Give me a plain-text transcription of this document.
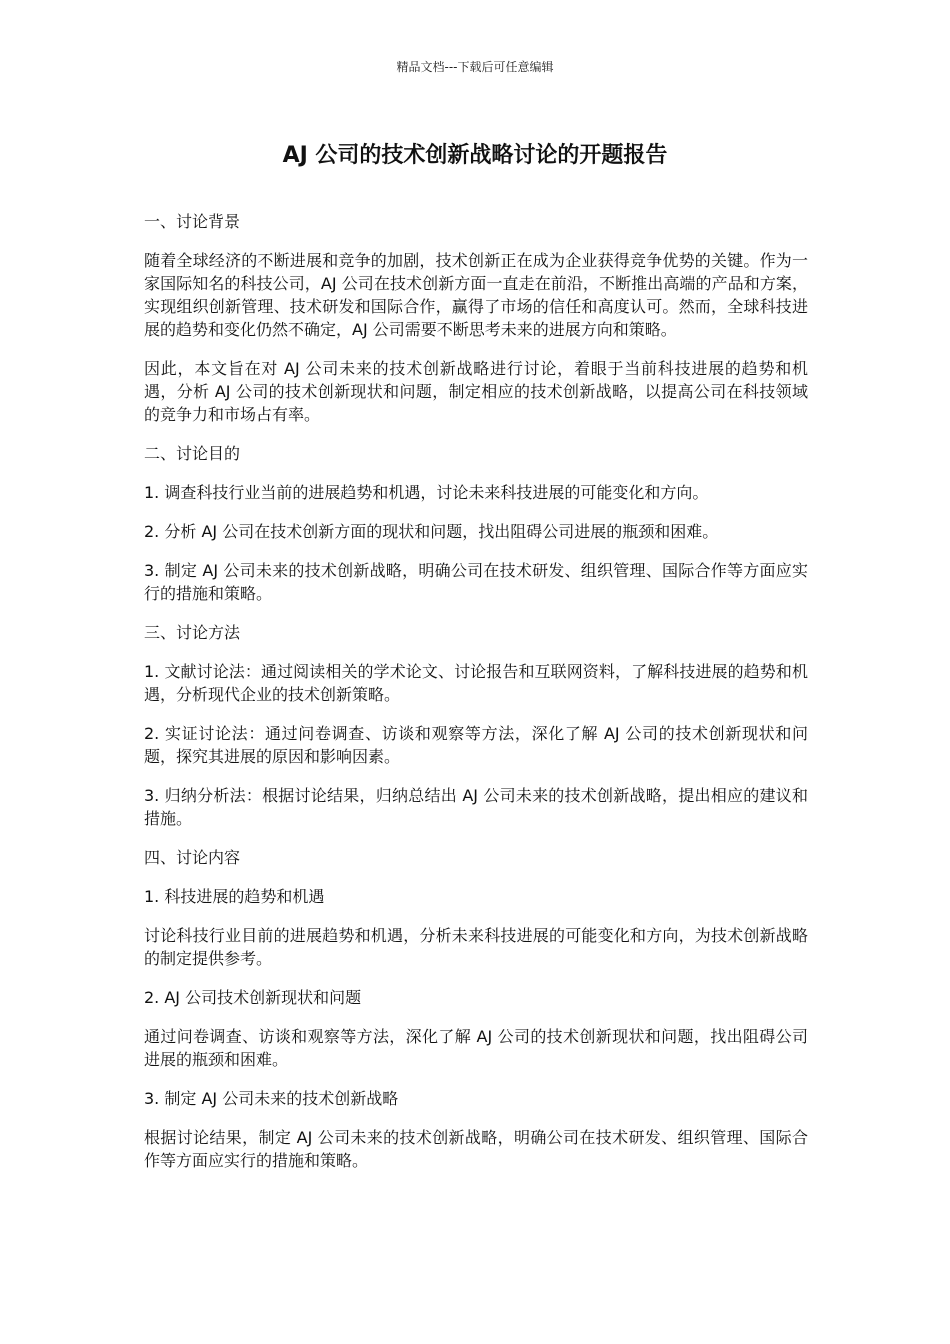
精品文档---下载后可任意编辑
AJ 公司的技术创新战略讨论的开题报告
一、讨论背景
随着全球经济的不断进展和竞争的加剧，技术创新正在成为企业获得竞争优势的关键。作为一家国际知名的科技公司，AJ 公司在技术创新方面一直走在前沿，不断推出高端的产品和方案，实现组织创新管理、技术研发和国际合作，赢得了市场的信任和高度认可。然而，全球科技进展的趋势和变化仍然不确定，AJ 公司需要不断思考未来的进展方向和策略。
因此，本文旨在对 AJ 公司未来的技术创新战略进行讨论，着眼于当前科技进展的趋势和机遇，分析 AJ 公司的技术创新现状和问题，制定相应的技术创新战略，以提高公司在科技领域的竞争力和市场占有率。
二、讨论目的
1. 调查科技行业当前的进展趋势和机遇，讨论未来科技进展的可能变化和方向。
2. 分析 AJ 公司在技术创新方面的现状和问题，找出阻碍公司进展的瓶颈和困难。
3. 制定 AJ 公司未来的技术创新战略，明确公司在技术研发、组织管理、国际合作等方面应实行的措施和策略。
三、讨论方法
1. 文献讨论法：通过阅读相关的学术论文、讨论报告和互联网资料，了解科技进展的趋势和机遇，分析现代企业的技术创新策略。
2. 实证讨论法：通过问卷调查、访谈和观察等方法，深化了解 AJ 公司的技术创新现状和问题，探究其进展的原因和影响因素。
3. 归纳分析法：根据讨论结果，归纳总结出 AJ 公司未来的技术创新战略，提出相应的建议和措施。
四、讨论内容
1. 科技进展的趋势和机遇
讨论科技行业目前的进展趋势和机遇，分析未来科技进展的可能变化和方向，为技术创新战略的制定提供参考。
2. AJ 公司技术创新现状和问题
通过问卷调查、访谈和观察等方法，深化了解 AJ 公司的技术创新现状和问题，找出阻碍公司进展的瓶颈和困难。
3. 制定 AJ 公司未来的技术创新战略
根据讨论结果，制定 AJ 公司未来的技术创新战略，明确公司在技术研发、组织管理、国际合作等方面应实行的措施和策略。
